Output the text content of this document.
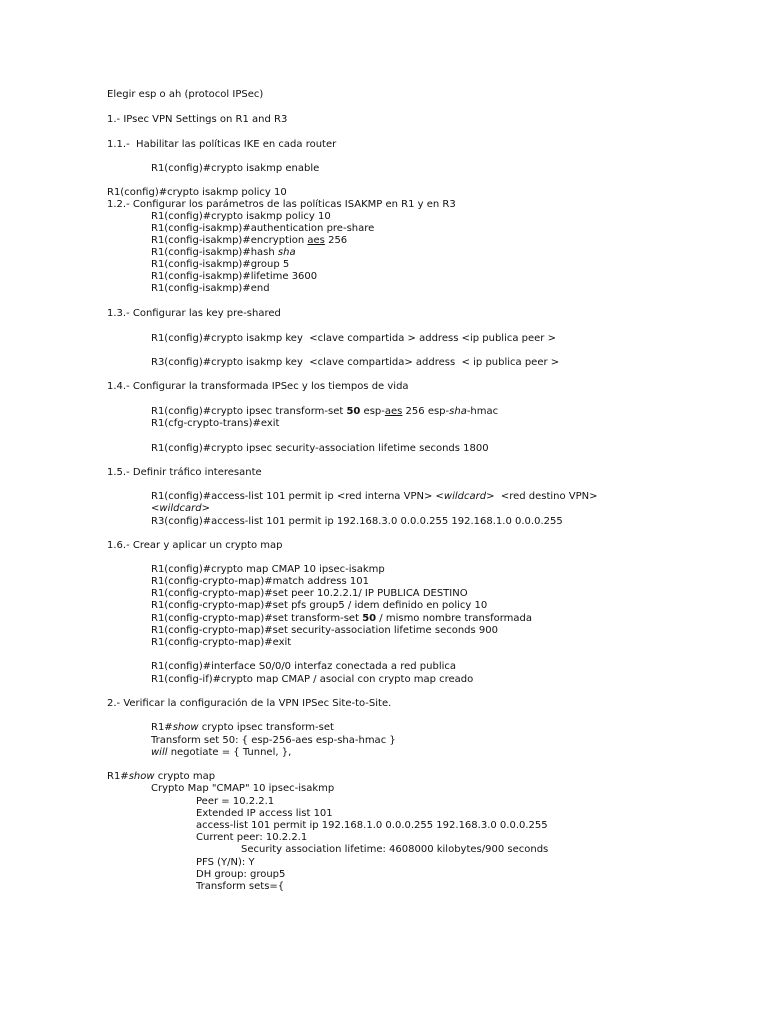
Elegir esp o ah (protocol IPSec)
1.- IPsec VPN Settings on R1 and R3
1.1.-  Habilitar las políticas IKE en cada router
R1(config)#crypto isakmp enable
R1(config)#crypto isakmp policy 10
1.2.- Configurar los parámetros de las políticas ISAKMP en R1 y en R3
R1(config)#crypto isakmp policy 10
R1(config-isakmp)#authentication pre-share
R1(config-isakmp)#encryption aes 256
R1(config-isakmp)#hash sha
R1(config-isakmp)#group 5
R1(config-isakmp)#lifetime 3600
R1(config-isakmp)#end
1.3.- Configurar las key pre-shared
R1(config)#crypto isakmp key  <clave compartida > address <ip publica peer >
R3(config)#crypto isakmp key  <clave compartida> address  < ip publica peer >
1.4.- Configurar la transformada IPSec y los tiempos de vida
R1(config)#crypto ipsec transform-set 50 esp-aes 256 esp-sha-hmac
R1(cfg-crypto-trans)#exit
R1(config)#crypto ipsec security-association lifetime seconds 1800
1.5.- Definir tráfico interesante
R1(config)#access-list 101 permit ip <red interna VPN> <wildcard>  <red destino VPN>
<wildcard>
R3(config)#access-list 101 permit ip 192.168.3.0 0.0.0.255 192.168.1.0 0.0.0.255
1.6.- Crear y aplicar un crypto map
R1(config)#crypto map CMAP 10 ipsec-isakmp
R1(config-crypto-map)#match address 101
R1(config-crypto-map)#set peer 10.2.2.1/ IP PUBLICA DESTINO
R1(config-crypto-map)#set pfs group5 / idem definido en policy 10
R1(config-crypto-map)#set transform-set 50 / mismo nombre transformada
R1(config-crypto-map)#set security-association lifetime seconds 900
R1(config-crypto-map)#exit
R1(config)#interface S0/0/0 interfaz conectada a red publica
R1(config-if)#crypto map CMAP / asocial con crypto map creado
2.- Verificar la configuración de la VPN IPSec Site-to-Site.
R1#show crypto ipsec transform-set
Transform set 50: { esp-256-aes esp-sha-hmac }
will negotiate = { Tunnel, },
R1#show crypto map
Crypto Map "CMAP" 10 ipsec-isakmp
Peer = 10.2.2.1
Extended IP access list 101
access-list 101 permit ip 192.168.1.0 0.0.0.255 192.168.3.0 0.0.0.255
Current peer: 10.2.2.1
Security association lifetime: 4608000 kilobytes/900 seconds
PFS (Y/N): Y
DH group: group5
Transform sets={
